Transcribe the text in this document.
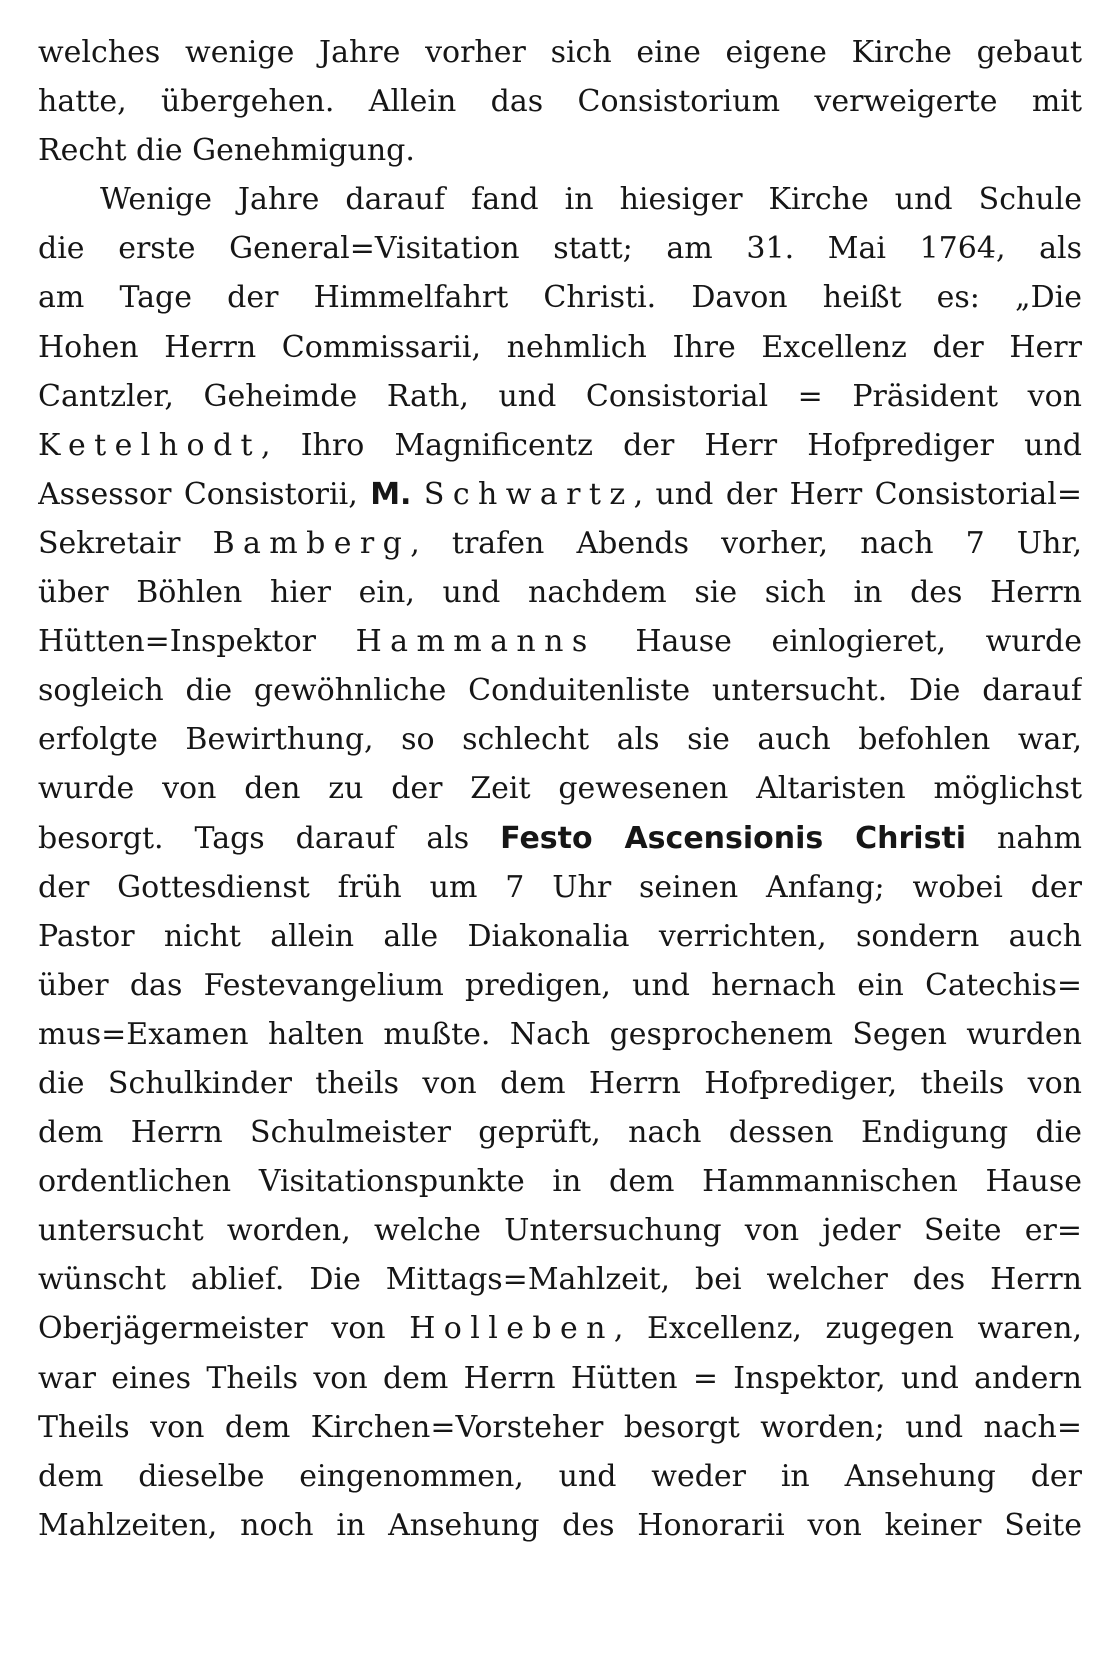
welches wenige Jahre vorher sich eine eigene Kirche gebaut
hatte, übergehen. Allein das Consistorium verweigerte mit
Recht die Genehmigung.
Wenige Jahre darauf fand in hiesiger Kirche und Schule
die erste General=Visitation statt; am 31. Mai 1764, als
am Tage der Himmelfahrt Christi. Davon heißt es: „Die
Hohen Herrn Commissarii, nehmlich Ihre Excellenz der Herr
Cantzler, Geheimde Rath, und Consistorial = Präsident von
Ketelhodt, Ihro Magnificentz der Herr Hofprediger und
Assessor Consistorii, M. Schwartz, und der Herr Consistorial=
Sekretair Bamberg, trafen Abends vorher, nach 7 Uhr,
über Böhlen hier ein, und nachdem sie sich in des Herrn
Hütten=Inspektor Hammanns Hause einlogieret, wurde
sogleich die gewöhnliche Conduitenliste untersucht. Die darauf
erfolgte Bewirthung, so schlecht als sie auch befohlen war,
wurde von den zu der Zeit gewesenen Altaristen möglichst
besorgt. Tags darauf als Festo Ascensionis Christi nahm
der Gottesdienst früh um 7 Uhr seinen Anfang; wobei der
Pastor nicht allein alle Diakonalia verrichten, sondern auch
über das Festevangelium predigen, und hernach ein Catechis=
mus=Examen halten mußte. Nach gesprochenem Segen wurden
die Schulkinder theils von dem Herrn Hofprediger, theils von
dem Herrn Schulmeister geprüft, nach dessen Endigung die
ordentlichen Visitationspunkte in dem Hammannischen Hause
untersucht worden, welche Untersuchung von jeder Seite er=
wünscht ablief. Die Mittags=Mahlzeit, bei welcher des Herrn
Oberjägermeister von Holleben, Excellenz, zugegen waren,
war eines Theils von dem Herrn Hütten = Inspektor, und andern
Theils von dem Kirchen=Vorsteher besorgt worden; und nach=
dem dieselbe eingenommen, und weder in Ansehung der
Mahlzeiten, noch in Ansehung des Honorarii von keiner Seite
